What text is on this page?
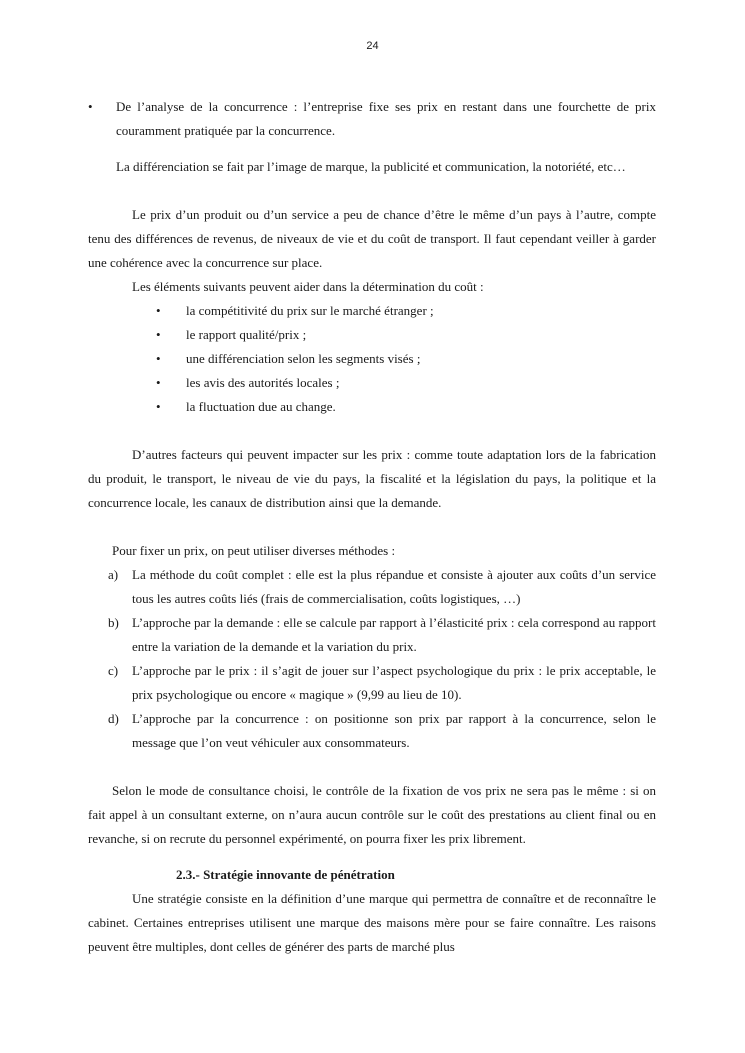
24

• De l’analyse de la concurrence : l’entreprise fixe ses prix en restant dans une fourchette de prix couramment pratiquée par la concurrence.

La différenciation se fait par l’image de marque, la publicité et communication, la notoriété, etc…

Le prix d’un produit ou d’un service a peu de chance d’être le même d’un pays à l’autre, compte tenu des différences de revenus, de niveaux de vie et du coût de transport. Il faut cependant veiller à garder une cohérence avec la concurrence sur place.

Les éléments suivants peuvent aider dans la détermination du coût :

• la compétitivité du prix sur le marché étranger ;
• le rapport qualité/prix ;
• une différenciation selon les segments visés ;
• les avis des autorités locales ;
• la fluctuation due au change.

D’autres facteurs qui peuvent impacter sur les prix : comme toute adaptation lors de la fabrication du produit, le transport, le niveau de vie du pays, la fiscalité et la législation du pays, la politique et la concurrence locale, les canaux de distribution ainsi que la demande.

Pour fixer un prix, on peut utiliser diverses méthodes :

a) La méthode du coût complet : elle est la plus répandue et consiste à ajouter aux coûts d’un service tous les autres coûts liés (frais de commercialisation, coûts logistiques, …)
b) L’approche par la demande : elle se calcule par rapport à l’élasticité prix : cela correspond au rapport entre la variation de la demande et la variation du prix.
c) L’approche par le prix : il s’agit de jouer sur l’aspect psychologique du prix : le prix acceptable, le prix psychologique ou encore « magique » (9,99 au lieu de 10).
d) L’approche par la concurrence : on positionne son prix par rapport à la concurrence, selon le message que l’on veut véhiculer aux consommateurs.

Selon le mode de consultance choisi, le contrôle de la fixation de vos prix ne sera pas le même : si on fait appel à un consultant externe, on n’aura aucun contrôle sur le coût des prestations au client final ou en revanche, si on recrute du personnel expérimenté, on pourra fixer les prix librement.

2.3.- Stratégie innovante de pénétration

Une stratégie consiste en la définition d’une marque qui permettra de connaître et de reconnaître le cabinet. Certaines entreprises utilisent une marque des maisons mère pour se faire connaître. Les raisons peuvent être multiples, dont celles de générer des parts de marché plus
